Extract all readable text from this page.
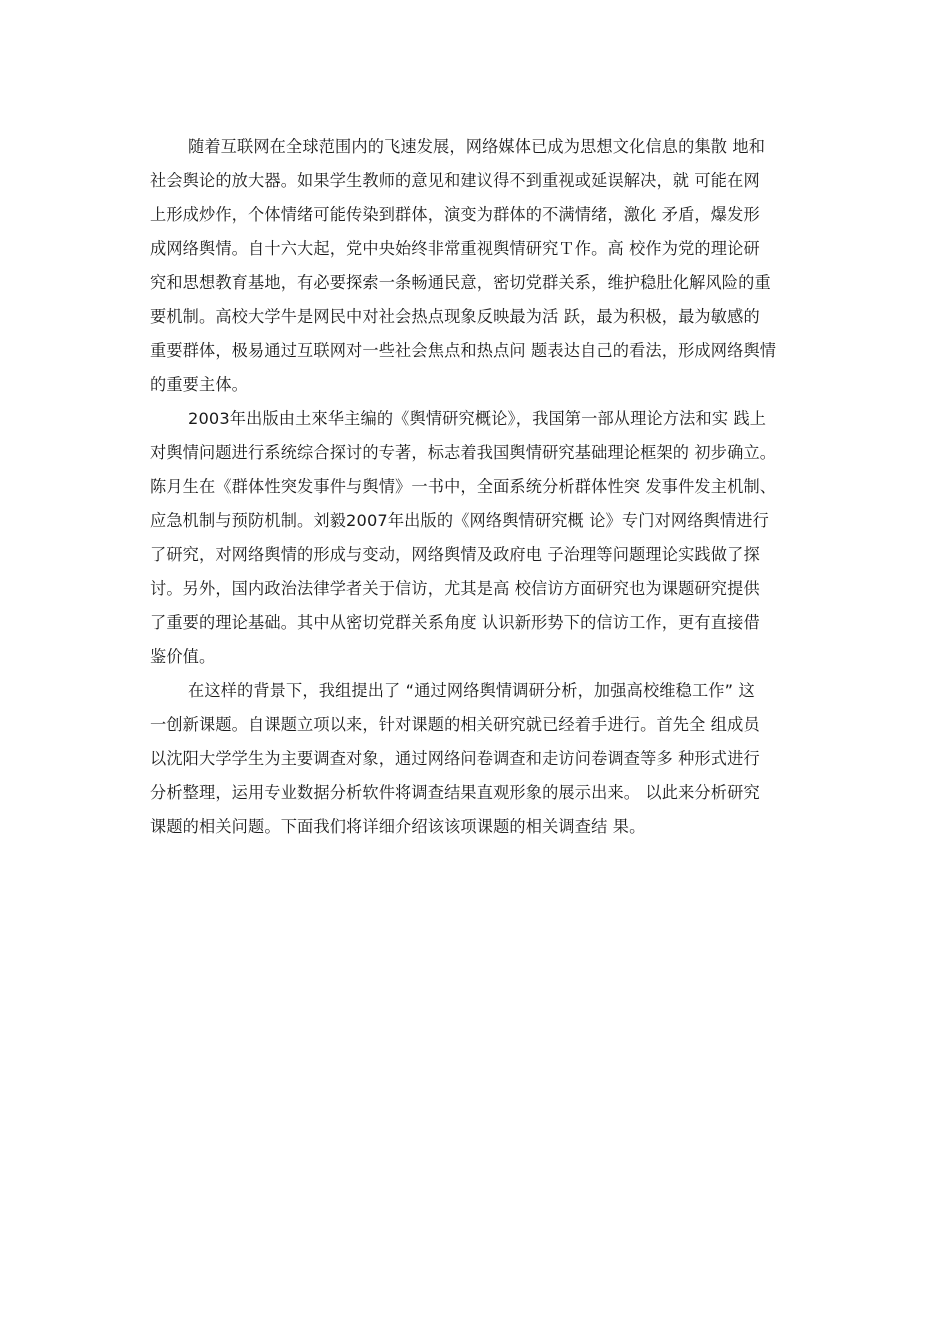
随着互联网在全球范围内的飞速发展，网络媒体已成为思想文化信息的集散 地和
社会舆论的放大器。如果学生教师的意见和建议得不到重视或延误解决，就 可能在网
上形成炒作，个体情绪可能传染到群体，演变为群体的不满情绪，激化 矛盾，爆发形
成网络舆情。自十六大起，党中央始终非常重视舆情研究Ｔ作。高 校作为党的理论研
究和思想教育基地，有必要探索一条畅通民意，密切党群关系，维护稳肚化解风险的重
要机制。高校大学牛是网民中对社会热点现象反映最为活 跃，最为积极，最为敏感的
重要群体，极易通过互联网对一些社会焦点和热点问 题表达自己的看法，形成网络舆情
的重要主体。
2003年出版由土來华主编的《舆情研究概论》，我国第一部从理论方法和实 践上
对舆情问题进行系统综合探讨的专著，标志着我国舆情研究基础理论框架的 初步确立。
陈月生在《群体性突发事件与舆情》一书中，全面系统分析群体性突 发事件发主机制、
应急机制与预防机制。刘毅2007年出版的《网络舆情研究概 论》专门对网络舆情进行
了研究，对网络舆情的形成与变动，网络舆情及政府电 子治理等问题理论实践做了探
讨。另外，国内政治法律学者关于信访，尤其是高 校信访方面研究也为课题研究提供
了重要的理论基础。其中从密切党群关系角度 认识新形势下的信访工作，更有直接借
鉴价值。
在这样的背景下，我组提出了 “通过网络舆情调研分析，加强高校维稳工作” 这
一创新课题。自课题立项以来，针对课题的相关研究就已经着手进行。首先全 组成员
以沈阳大学学生为主要调查对象，通过网络问卷调查和走访问卷调查等多 种形式进行
分析整理，运用专业数据分析软件将调查结果直观形象的展示出来。 以此来分析研究
课题的相关问题。下面我们将详细介绍该该项课题的相关调查结 果。
